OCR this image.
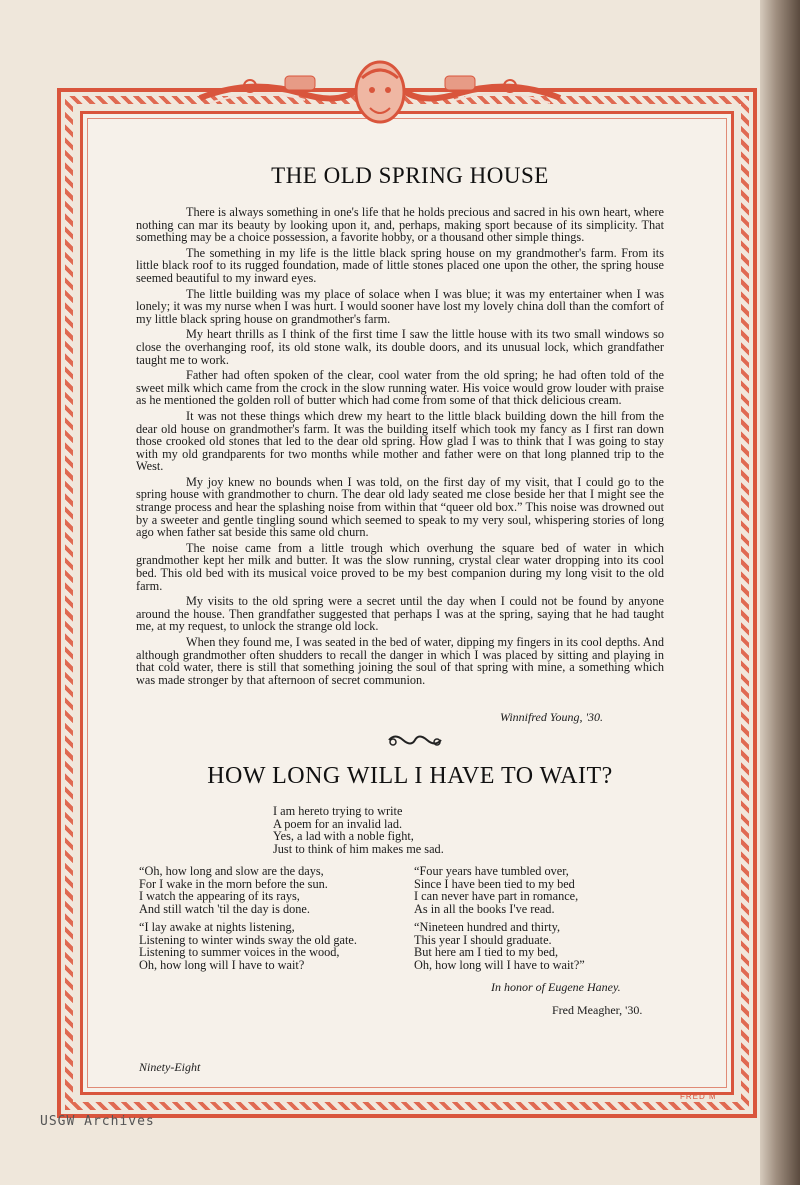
THE OLD SPRING HOUSE

There is always something in one's life that he holds precious and sacred in his own heart, where nothing can mar its beauty by looking upon it, and, perhaps, making sport because of its simplicity. That something may be a choice possession, a favorite hobby, or a thousand other simple things.

The something in my life is the little black spring house on my grandmother's farm. From its little black roof to its rugged foundation, made of little stones placed one upon the other, the spring house seemed beautiful to my inward eyes.

The little building was my place of solace when I was blue; it was my entertainer when I was lonely; it was my nurse when I was hurt. I would sooner have lost my lovely china doll than the comfort of my little black spring house on grandmother's farm.

My heart thrills as I think of the first time I saw the little house with its two small windows so close the overhanging roof, its old stone walk, its double doors, and its unusual lock, which grandfather taught me to work.

Father had often spoken of the clear, cool water from the old spring; he had often told of the sweet milk which came from the crock in the slow running water. His voice would grow louder with praise as he mentioned the golden roll of butter which had come from some of that thick delicious cream.

It was not these things which drew my heart to the little black building down the hill from the dear old house on grandmother's farm. It was the building itself which took my fancy as I first ran down those crooked old stones that led to the dear old spring. How glad I was to think that I was going to stay with my old grandparents for two months while mother and father were on that long planned trip to the West.

My joy knew no bounds when I was told, on the first day of my visit, that I could go to the spring house with grandmother to churn. The dear old lady seated me close beside her that I might see the strange process and hear the splashing noise from within that “queer old box.” This noise was drowned out by a sweeter and gentle tingling sound which seemed to speak to my very soul, whispering stories of long ago when father sat beside this same old churn.

The noise came from a little trough which overhung the square bed of water in which grandmother kept her milk and butter. It was the slow running, crystal clear water dropping into its cool bed. This old bed with its musical voice proved to be my best companion during my long visit to the old farm.

My visits to the old spring were a secret until the day when I could not be found by anyone around the house. Then grandfather suggested that perhaps I was at the spring, saying that he had taught me, at my request, to unlock the strange old lock.

When they found me, I was seated in the bed of water, dipping my fingers in its cool depths. And although grandmother often shudders to recall the danger in which I was placed by sitting and playing in that cold water, there is still that something joining the soul of that spring with mine, a something which was made stronger by that afternoon of secret communion.

Winnifred Young, '30.
HOW LONG WILL I HAVE TO WAIT?
I am hereto trying to write
A poem for an invalid lad.
Yes, a lad with a noble fight,
Just to think of him makes me sad.
“Oh, how long and slow are the days,
For I wake in the morn before the sun.
I watch the appearing of its rays,
And still watch 'til the day is done.
“Four years have tumbled over,
Since I have been tied to my bed
I can never have part in romance,
As in all the books I've read.
“I lay awake at nights listening,
Listening to winter winds sway the old gate.
Listening to summer voices in the wood,
Oh, how long will I have to wait?
“Nineteen hundred and thirty,
This year I should graduate.
But here am I tied to my bed,
Oh, how long will I have to wait?”
In honor of Eugene Haney.
Fred Meagher, '30.
Ninety-Eight
FRED M
USGW Archives
